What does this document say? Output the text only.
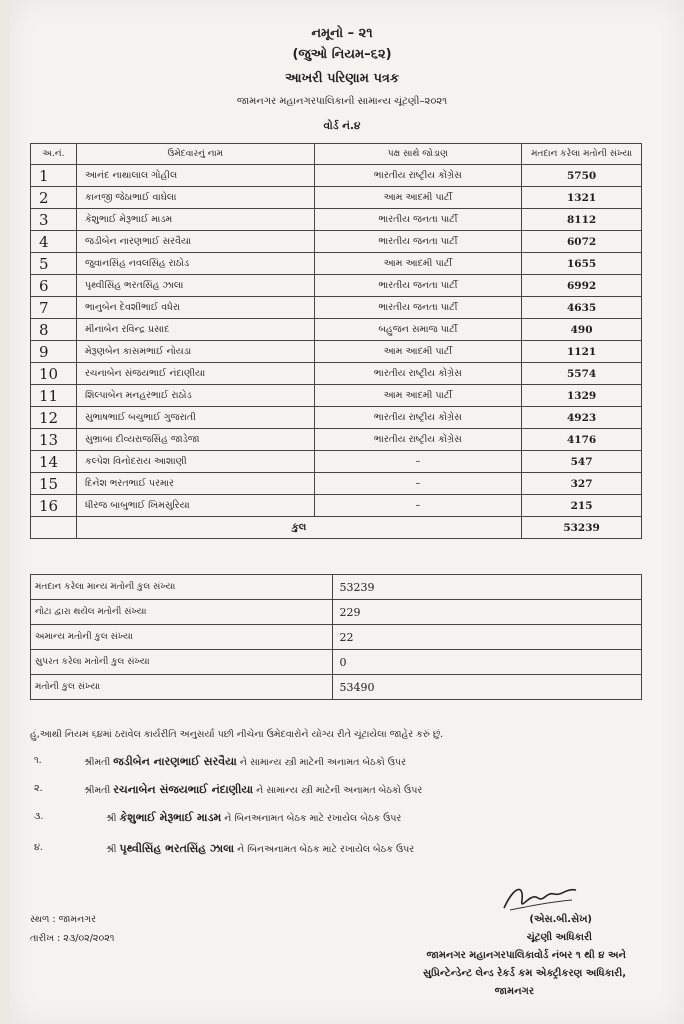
નમૂનો – ૨૧
(જુઓ નિયમ–૬૨)
આખરી પરિણામ પત્રક
જામનગર મહાનગરપાલિકાની સામાન્ય ચૂંટણી–૨૦૨૧
વોર્ડ નં.૪
અ.નં.	ઉમેદવારનું નામ	પક્ષ સાથે જોડાણ	મતદાન કરેલા મતોની સંખ્યા
1	આનંદ નાથાલાલ ગોહીલ	ભારતીય રાષ્ટ્રીય કોંગ્રેસ	5750
2	કાનજી જેઠાભાઈ વાઘેલા	આમ આદમી પાર્ટી	1321
3	કેશુભાઈ મેરૂભાઈ માડમ	ભારતીય જનતા પાર્ટી	8112
4	જડીબેન નારણભાઈ સરવૈયા	ભારતીય જનતા પાર્ટી	6072
5	જુવાનસિંહ નવલસિંહ રાઠોડ	આમ આદમી પાર્ટી	1655
6	પૃથ્વીસિંહ ભરતસિંહ ઝાલા	ભારતીય જનતા પાર્ટી	6992
7	ભાનુબેન દેવશીભાઈ વધેરા	ભારતીય જનતા પાર્ટી	4635
8	મીનાબેન રવિન્દ્ર પ્રસાદ	બહુજન સમાજ પાર્ટી	490
9	મેરૂણબેન કાસમભાઈ નોયડા	આમ આદમી પાર્ટી	1121
10	રચનાબેન સંજયભાઈ નંદાણીયા	ભારતીય રાષ્ટ્રીય કોંગ્રેસ	5574
11	શિલ્પાબેન મનહરભાઈ રાઠોડ	આમ આદમી પાર્ટી	1329
12	સુભાષભાઈ બચુભાઈ ગુજરાતી	ભારતીય રાષ્ટ્રીય કોંગ્રેસ	4923
13	સુભ્રાબા દીવ્યરાજસિંહ જાડેજા	ભારતીય રાષ્ટ્રીય કોંગ્રેસ	4176
14	કલ્પેશ વિનોદરાય આશાણી	–	547
15	દિનેશ ભરતભાઈ પરમાર	–	327
16	ધીરજ બાબુભાઈ ખિમસુરિયા	–	215
	કુલ		53239
મતદાન કરેલા માન્ય મતોની કુલ સંખ્યા	53239
નોટા દ્વારા થયેલ મતોની સંખ્યા	229
અમાન્ય મતોની કુલ સંખ્યા	22
સુપરત કરેલા મતોની કુલ સંખ્યા	0
મતોની કુલ સંખ્યા	53490
હું,આથી નિયમ ૬૪માં ઠરાવેલ કાર્યરીતિ અનુસર્યા પછી નીચેના ઉમેદવારોને યોગ્ય રીતે ચૂંટાયેલા જાહેર કરું છું.
૧.	શ્રીમતી જડીબેન નારણભાઈ સરવૈયા ને સામાન્ય સ્ત્રી માટેની અનામત બેઠકો ઉપર
૨.	શ્રીમતી રચનાબેન સંજયભાઈ નંદાણીયા ને સામાન્ય સ્ત્રી માટેની અનામત બેઠકો ઉપર
૩.	શ્રી કેશુભાઈ મેરૂભાઈ માડમ ને બિનઅનામત બેઠક માટે રખાયેલ બેઠક ઉપર
૪.	શ્રી પૃથ્વીસિંહ ભરતસિંહ ઝાલા ને બિનઅનામત બેઠક માટે રખાયેલ બેઠક ઉપર
સ્થળ : જામનગર
તારીખ : ૨૩/૦૨/૨૦૨૧
(એસ.બી.સેખ)
ચૂંટણી અધિકારી
જામનગર મહાનગરપાલિકાવોર્ડ નંબર ૧ થી ૪ અને
સુપ્રિન્ટેન્ડેન્ટ લેન્ડ રેકર્ડ કમ એક્ટ્રીકરણ અધિકારી,
જામનગર
